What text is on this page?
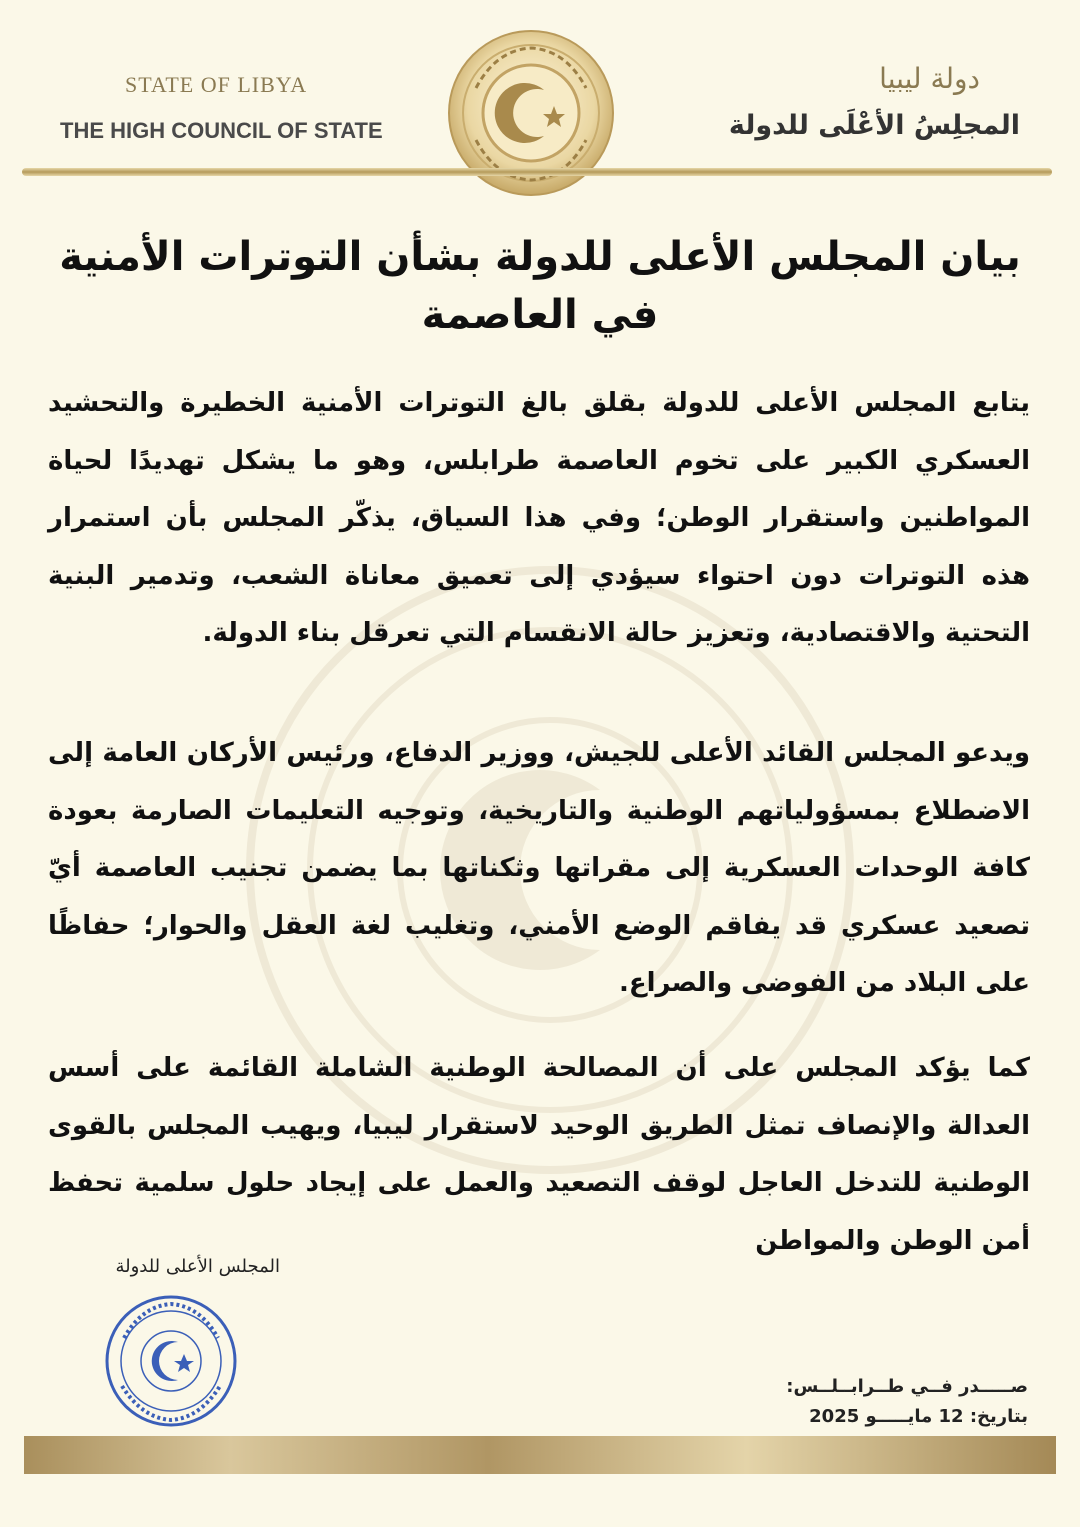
STATE OF LIBYA
THE HIGH COUNCIL OF STATE
دولة ليبيا
المجلِسُ الأعْلَى للدولة
بيان المجلس الأعلى للدولة بشأن التوترات الأمنية في العاصمة
يتابع المجلس الأعلى للدولة بقلق بالغ التوترات الأمنية الخطيرة والتحشيد العسكري الكبير على تخوم العاصمة طرابلس، وهو ما يشكل تهديدًا لحياة المواطنين واستقرار الوطن؛ وفي هذا السياق، يذكّر المجلس بأن استمرار هذه التوترات دون احتواء سيؤدي إلى تعميق معاناة الشعب، وتدمير البنية التحتية والاقتصادية، وتعزيز حالة الانقسام التي تعرقل بناء الدولة.
ويدعو المجلس القائد الأعلى للجيش، ووزير الدفاع، ورئيس الأركان العامة إلى الاضطلاع بمسؤولياتهم الوطنية والتاريخية، وتوجيه التعليمات الصارمة بعودة كافة الوحدات العسكرية إلى مقراتها وثكناتها بما يضمن تجنيب العاصمة أيّ تصعيد عسكري قد يفاقم الوضع الأمني، وتغليب لغة العقل والحوار؛ حفاظًا على البلاد من الفوضى والصراع.
كما يؤكد المجلس على أن المصالحة الوطنية الشاملة القائمة على أسس العدالة والإنصاف تمثل الطريق الوحيد لاستقرار ليبيا، ويهيب المجلس بالقوى الوطنية للتدخل العاجل لوقف التصعيد والعمل على إيجاد حلول سلمية تحفظ أمن الوطن والمواطن
المجلس الأعلى للدولة
صـــــدر فــي طــرابــلــس:
بتاريخ: 12 مايـــــو 2025
